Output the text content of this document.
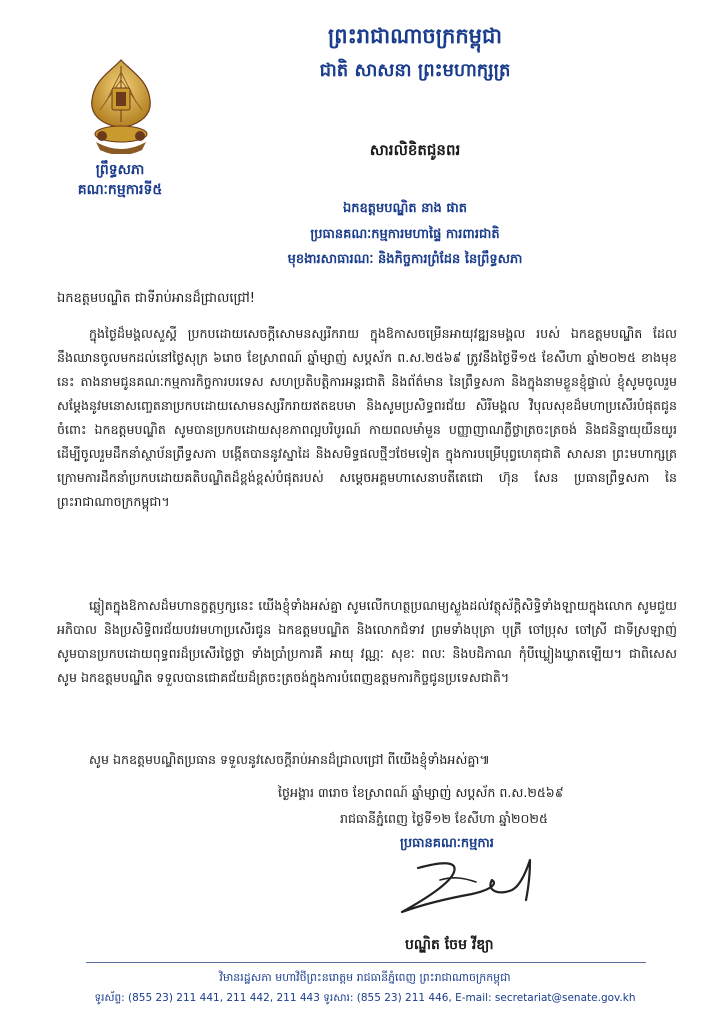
ព្រះរាជាណាចក្រកម្ពុជា
ជាតិ សាសនា ព្រះមហាក្សត្រ
ព្រឹទ្ធសភា
គណៈកម្មការទី៥
សារលិខិតជូនពរ
ឯកឧត្តមបណ្ឌិត នាង ផាត
ប្រធានគណៈកម្មការមហាផ្ទៃ ការពារជាតិ
មុខងារសាធារណៈ និងកិច្ចការព្រំដែន នៃព្រឹទ្ធសភា
ឯកឧត្តមបណ្ឌិត ជាទីរាប់អានដ៏ជ្រាលជ្រៅ!
ក្នុងថ្ងៃដ៏មង្គលសួស្ដី ប្រកបដោយសេចក្ដីសោមនស្សរីករាយ ក្នុងឱកាសចម្រើនអាយុវឌ្ឍនមង្គល របស់ ឯកឧត្តមបណ្ឌិត ដែលនឹងឈានចូលមកដល់នៅថ្ងៃសុក្រ ៦រោច ខែស្រាពណ៍ ឆ្នាំម្សាញ់ សប្តស័ក ព.ស.២៥៦៩ ត្រូវនឹងថ្ងៃទី១៥ ខែសីហា ឆ្នាំ២០២៥ ខាងមុខនេះ តាងនាមជូនគណៈកម្មការកិច្ចការបរទេស សហប្រតិបត្តិការអន្តរជាតិ និងព័ត៌មាន នៃព្រឹទ្ធសភា និងក្នុងនាមខ្លួនខ្ញុំផ្ទាល់ ខ្ញុំសូមចូលរួមសម្ដែងនូវមនោសញ្ចេតនាប្រកបដោយសោមនស្សរីករាយឥតឧបមា និងសូមប្រសិទ្ធពរជ័យ សិរីមង្គល វិបុលសុខដ៏មហាប្រសើរបំផុតជូនចំពោះ ឯកឧត្តមបណ្ឌិត សូមបានប្រកបដោយសុខភាពល្អបរិបូរណ៍ កាយពលមាំមួន បញ្ញាញាណភ្លឺថ្លាត្រចះត្រចង់ និងជនិន្នាយុយឺនយូរ ដើម្បីចូលរួមដឹកនាំស្ថាប័នព្រឹទ្ធសភា បង្កើតបាននូវស្នាដៃ និងសមិទ្ធផលថ្មីៗថែមទៀត ក្នុងការបម្រើបុព្វហេតុជាតិ សាសនា ព្រះមហាក្សត្រ ក្រោមការដឹកនាំប្រកបដោយគតិបណ្ឌិតដ៏ខ្ពង់ខ្ពស់បំផុតរបស់ សម្ដេចអគ្គមហាសេនាបតីតេជោ ហ៊ុន សែន ប្រធានព្រឹទ្ធសភា នៃព្រះរាជាណាចក្រកម្ពុជា។
ឆ្លៀតក្នុងឱកាសដ៏មហានក្ខត្តឫក្សនេះ យើងខ្ញុំទាំងអស់គ្នា សូមលើកហត្ថប្រណម្យស្លួងដល់វត្ថុស័ក្តិសិទ្ធិទាំងឡាយក្នុងលោក សូមជួយអភិបាល និងប្រសិទ្ធិពរជ័យបវរមហាប្រសើរជូន ឯកឧត្តមបណ្ឌិត និងលោកជំទាវ ព្រមទាំងបុត្រា បុត្រី ចៅប្រុស ចៅស្រី ជាទីស្រឡាញ់ សូមបានប្រកបដោយពុទ្ធពរដ៏ប្រសើរថ្លៃថ្លា ទាំងប្រាំប្រការគឺ អាយុ វណ្ណៈ សុខៈ ពលៈ និងបដិភាណ កុំបីឃ្លៀងឃ្លាតឡើយ។ ជាពិសេស សូម ឯកឧត្តមបណ្ឌិត ទទួលបានជោគជ័យដ៏ត្រចះត្រចង់ក្នុងការបំពេញឧត្ដមការកិច្ចជូនប្រទេសជាតិ។
សូម ឯកឧត្តមបណ្ឌិតប្រធាន ទទួលនូវសេចក្ដីរាប់អានដ៏ជ្រាលជ្រៅ ពីយើងខ្ញុំទាំងអស់គ្នា៕
ថ្ងៃអង្គារ ៣រោច ខែស្រាពណ៍ ឆ្នាំម្សាញ់ សប្តស័ក ព.ស.២៥៦៩
រាជធានីភ្នំពេញ ថ្ងៃទី១២ ខែសីហា ឆ្នាំ២០២៥
ប្រធានគណៈកម្មការ
បណ្ឌិត ចែម វីឌ្យា
វិមានរដ្ឋសភា មហាវិថីព្រះនរោត្តម រាជធានីភ្នំពេញ ព្រះរាជាណាចក្រកម្ពុជា
ទូរស័ព្ទ: (855 23) 211 441, 211 442, 211 443 ទូរសារ: (855 23) 211 446, E-mail: secretariat@senate.gov.kh
